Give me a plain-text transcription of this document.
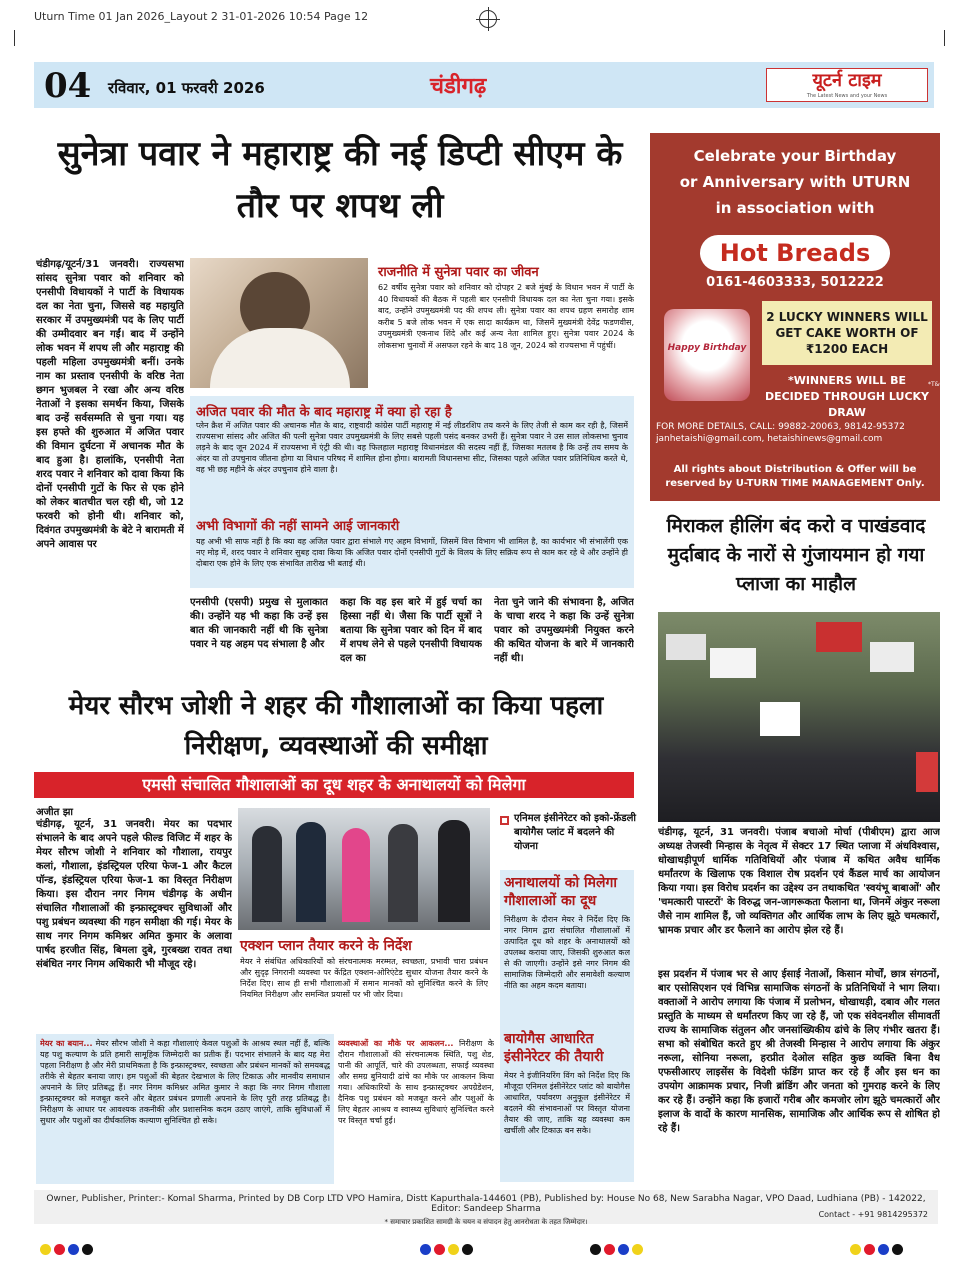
Uturn Time 01 Jan 2026_Layout 2 31-01-2026 10:54 Page 12
04 रविवार, 01 फरवरी 2026	चंडीगढ़	यूटर्न टाइम
The Latest News and your News
सुनेत्रा पवार ने महाराष्ट्र की नई डिप्टी सीएम के तौर पर शपथ ली
चंडीगढ़/यूटर्न/31 जनवरी। राज्यसभा सांसद सुनेत्रा पवार को शनिवार को एनसीपी विधायकों ने पार्टी के विधायक दल का नेता चुना, जिससे वह महायुति सरकार में उपमुख्यमंत्री पद के लिए पार्टी की उम्मीदवार बन गईं। बाद में उन्होंने लोक भवन में शपथ ली और महाराष्ट्र की पहली महिला उपमुख्यमंत्री बनीं। उनके नाम का प्रस्ताव एनसीपी के वरिष्ठ नेता छगन भुजबल ने रखा और अन्य वरिष्ठ नेताओं ने इसका समर्थन किया, जिसके बाद उन्हें सर्वसम्मति से चुना गया। यह इस हफ्ते की शुरुआत में अजित पवार की विमान दुर्घटना में अचानक मौत के बाद हुआ है। हालांकि, एनसीपी नेता शरद पवार ने शनिवार को दावा किया कि दोनों एनसीपी गुटों के फिर से एक होने को लेकर बातचीत चल रही थी, जो 12 फरवरी को होनी थी। शनिवार को, दिवंगत उपमुख्यमंत्री के बेटे ने बारामती में अपने आवास पर
राजनीति में सुनेत्रा पवार का जीवन
62 वर्षीय सुनेत्रा पवार को शनिवार को दोपहर 2 बजे मुंबई के विधान भवन में पार्टी के 40 विधायकों की बैठक में पहली बार एनसीपी विधायक दल का नेता चुना गया। इसके बाद, उन्होंने उपमुख्यमंत्री पद की शपथ ली। सुनेत्रा पवार का शपथ ग्रहण समारोह शाम करीब 5 बजे लोक भवन में एक सादा कार्यक्रम था, जिसमें मुख्यमंत्री देवेंद्र फडणवीस, उपमुख्यमंत्री एकनाथ शिंदे और कई अन्य नेता शामिल हुए। सुनेत्रा पवार 2024 के लोकसभा चुनावों में असफल रहने के बाद 18 जून, 2024 को राज्यसभा में पहुंचीं।
अजित पवार की मौत के बाद महाराष्ट्र में क्या हो रहा है
प्लेन क्रैश में अजित पवार की अचानक मौत के बाद, राष्ट्रवादी कांग्रेस पार्टी महाराष्ट्र में नई लीडरशिप तय करने के लिए तेजी से काम कर रही है, जिसमें राज्यसभा सांसद और अजित की पत्नी सुनेत्रा पवार उपमुख्यमंत्री के लिए सबसे पहली पसंद बनकर उभरी हैं। सुनेत्रा पवार ने उस साल लोकसभा चुनाव लड़ने के बाद जून 2024 में राज्यसभा में एंट्री की थी। वह फिलहाल महाराष्ट्र विधानमंडल की सदस्य नहीं हैं, जिसका मतलब है कि उन्हें तय समय के अंदर या तो उपचुनाव जीतना होगा या विधान परिषद में शामिल होना होगा। बारामती विधानसभा सीट, जिसका पहले अजित पवार प्रतिनिधित्व करते थे, वह भी छह महीने के अंदर उपचुनाव होने वाला है।
अभी विभागों की नहीं सामने आई जानकारी
यह अभी भी साफ नहीं है कि क्या वह अजित पवार द्वारा संभाले गए अहम विभागों, जिसमें वित्त विभाग भी शामिल है, का कार्यभार भी संभालेंगी एक नए मोड़ में, शरद पवार ने शनिवार सुबह दावा किया कि अजित पवार दोनों एनसीपी गुटों के विलय के लिए सक्रिय रूप से काम कर रहे थे और उन्होंने ही दोबारा एक होने के लिए एक संभावित तारीख भी बताई थी।
एनसीपी (एसपी) प्रमुख से मुलाकात की। उन्होंने यह भी कहा कि उन्हें इस बात की जानकारी नहीं थी कि सुनेत्रा पवार ने यह अहम पद संभाला है और
कहा कि वह इस बारे में हुई चर्चा का हिस्सा नहीं थे। जैसा कि पार्टी सूत्रों ने बताया कि सुनेत्रा पवार को दिन में बाद में शपथ लेने से पहले एनसीपी विधायक दल का
नेता चुने जाने की संभावना है, अजित के चाचा शरद ने कहा कि उन्हें सुनेत्रा पवार को उपमुख्यमंत्री नियुक्त करने की कथित योजना के बारे में जानकारी नहीं थी।
Celebrate your Birthday
or Anniversary with UTURN
in association with
Hot Breads
0161-4603333, 5012222
Happy Birthday
2 LUCKY WINNERS WILL GET CAKE WORTH OF ₹1200 EACH
*WINNERS WILL BE DECIDED THROUGH LUCKY DRAW
*T&C
FOR MORE DETAILS, CALL: 99882-20063, 98142-95372 janhetaishi@gmail.com, hetaishinews@gmail.com
All rights about Distribution & Offer will be reserved by U-TURN TIME MANAGEMENT Only.
मिराकल हीलिंग बंद करो व पाखंडवाद मुर्दाबाद के नारों से गुंजायमान हो गया प्लाजा का माहौल
चंडीगढ़, यूटर्न, 31 जनवरी। पंजाब बचाओ मोर्चा (पीबीएम) द्वारा आज अध्यक्ष तेजस्वी मिन्हास के नेतृत्व में सेक्टर 17 स्थित प्लाजा में अंधविश्वास, धोखाधड़ीपूर्ण धार्मिक गतिविधियों और पंजाब में कथित अवैध धार्मिक धर्मांतरण के खिलाफ एक विशाल रोष प्रदर्शन एवं कैंडल मार्च का आयोजन किया गया। इस विरोध प्रदर्शन का उद्देश्य उन तथाकथित 'स्वयंभू बाबाओं' और 'चमत्कारी पास्टरों' के विरुद्ध जन-जागरूकता फैलाना था, जिनमें अंकुर नरूला जैसे नाम शामिल हैं, जो व्यक्तिगत और आर्थिक लाभ के लिए झूठे चमत्कारों, भ्रामक प्रचार और डर फैलाने का आरोप झेल रहे हैं।
इस प्रदर्शन में पंजाब भर से आए ईसाई नेताओं, किसान मोर्चों, छात्र संगठनों, बार एसोसिएशन एवं विभिन्न सामाजिक संगठनों के प्रतिनिधियों ने भाग लिया। वक्ताओं ने आरोप लगाया कि पंजाब में प्रलोभन, धोखाधड़ी, दबाव और गलत प्रस्तुति के माध्यम से धर्मांतरण किए जा रहे हैं, जो एक संवेदनशील सीमावर्ती राज्य के सामाजिक संतुलन और जनसांख्यिकीय ढांचे के लिए गंभीर खतरा हैं। सभा को संबोधित करते हुए श्री तेजस्वी मिन्हास ने आरोप लगाया कि अंकुर नरूला, सोनिया नरूला, हरप्रीत देओल सहित कुछ व्यक्ति बिना वैध एफसीआरए लाइसेंस के विदेशी फंडिंग प्राप्त कर रहे हैं और इस धन का उपयोग आक्रामक प्रचार, निजी ब्रांडिंग और जनता को गुमराह करने के लिए कर रहे हैं। उन्होंने कहा कि हजारों गरीब और कमजोर लोग झूठे चमत्कारों और इलाज के वादों के कारण मानसिक, सामाजिक और आर्थिक रूप से शोषित हो रहे हैं।
मेयर सौरभ जोशी ने शहर की गौशालाओं का किया पहला निरीक्षण, व्यवस्थाओं की समीक्षा
एमसी संचालित गौशालाओं का दूध शहर के अनाथालयों को मिलेगा
अजीत झा
चंडीगढ़, यूटर्न, 31 जनवरी। मेयर का पदभार संभालने के बाद अपने पहले फील्ड विजिट में शहर के मेयर सौरभ जोशी ने शनिवार को गौशाला, रायपुर कलां, गौशाला, इंडस्ट्रियल एरिया फेज-1 और कैटल पॉन्ड, इंडस्ट्रियल एरिया फेज-1 का विस्तृत निरीक्षण किया। इस दौरान नगर निगम चंडीगढ़ के अधीन संचालित गौशालाओं की इन्फ्रास्ट्रक्चर सुविधाओं और पशु प्रबंधन व्यवस्था की गहन समीक्षा की गई। मेयर के साथ नगर निगम कमिश्नर अमित कुमार के अलावा पार्षद हरजीत सिंह, बिमला दुबे, गुरबख्श रावत तथा संबंधित नगर निगम अधिकारी भी मौजूद रहे।
एक्शन प्लान तैयार करने के निर्देश
मेयर ने संबंधित अधिकारियों को संरचनात्मक मरम्मत, स्वच्छता, प्रभावी चारा प्रबंधन और सुदृढ़ निगरानी व्यवस्था पर केंद्रित एक्शन-ओरिएंटेड सुधार योजना तैयार करने के निर्देश दिए। साथ ही सभी गौशालाओं में समान मानकों को सुनिश्चित करने के लिए नियमित निरीक्षण और समन्वित प्रयासों पर भी जोर दिया।
मेयर का बयान... मेयर सौरभ जोशी ने कहा गौशालाएं केवल पशुओं के आश्रय स्थल नहीं हैं, बल्कि यह पशु कल्याण के प्रति हमारी सामूहिक जिम्मेदारी का प्रतीक हैं। पदभार संभालने के बाद यह मेरा पहला निरीक्षण है और मेरी प्राथमिकता है कि इन्फ्रास्ट्रक्चर, स्वच्छता और प्रबंधन मानकों को समयबद्ध तरीके से बेहतर बनाया जाए। हम पशुओं की बेहतर देखभाल के लिए टिकाऊ और मानवीय समाधान अपनाने के लिए प्रतिबद्ध हैं। नगर निगम कमिश्नर अमित कुमार ने कहा कि नगर निगम गौशाला इन्फ्रास्ट्रक्चर को मजबूत करने और बेहतर प्रबंधन प्रणाली अपनाने के लिए पूरी तरह प्रतिबद्ध है। निरीक्षण के आधार पर आवश्यक तकनीकी और प्रशासनिक कदम उठाए जाएंगे, ताकि सुविधाओं में सुधार और पशुओं का दीर्घकालिक कल्याण सुनिश्चित हो सके।
व्यवस्थाओं का मौके पर आकलन... निरीक्षण के दौरान गौशालाओं की संरचनात्मक स्थिति, पशु शेड, पानी की आपूर्ति, चारे की उपलब्धता, सफाई व्यवस्था और समग्र बुनियादी ढांचे का मौके पर आकलन किया गया। अधिकारियों के साथ इन्फ्रास्ट्रक्चर अपग्रेडेशन, दैनिक पशु प्रबंधन को मजबूत करने और पशुओं के लिए बेहतर आश्रय व स्वास्थ्य सुविधाएं सुनिश्चित करने पर विस्तृत चर्चा हुई।
एनिमल इंसीनेरेटर को इको-फ्रेंडली बायोगैस प्लांट में बदलने की योजना
अनाथालयों को मिलेगा गौशालाओं का दूध
निरीक्षण के दौरान मेयर ने निर्देश दिए कि नगर निगम द्वारा संचालित गौशालाओं में उत्पादित दूध को शहर के अनाथालयों को उपलब्ध कराया जाए, जिसकी शुरुआत कल से की जाएगी। उन्होंने इसे नगर निगम की सामाजिक जिम्मेदारी और समावेशी कल्याण नीति का अहम कदम बताया।
बायोगैस आधारित इंसीनेरेटर की तैयारी
मेयर ने इंजीनियरिंग विंग को निर्देश दिए कि मौजूदा एनिमल इंसीनेरेटर प्लांट को बायोगैस आधारित, पर्यावरण अनुकूल इंसीनेरेटर में बदलने की संभावनाओं पर विस्तृत योजना तैयार की जाए, ताकि यह व्यवस्था कम खर्चीली और टिकाऊ बन सके।
Owner, Publisher, Printer:- Komal Sharma, Printed by DB Corp LTD VPO Hamira, Distt Kapurthala-144601 (PB), Published by: House No 68, New Sarabha Nagar, VPO Daad, Ludhiana (PB) - 142022, Editor: Sandeep Sharma
* समाचार प्रकाशित सामग्री के चयन व संपादन हेतु आनरोधता के तहत जिम्मेदार।
Contact - +91 9814295372
